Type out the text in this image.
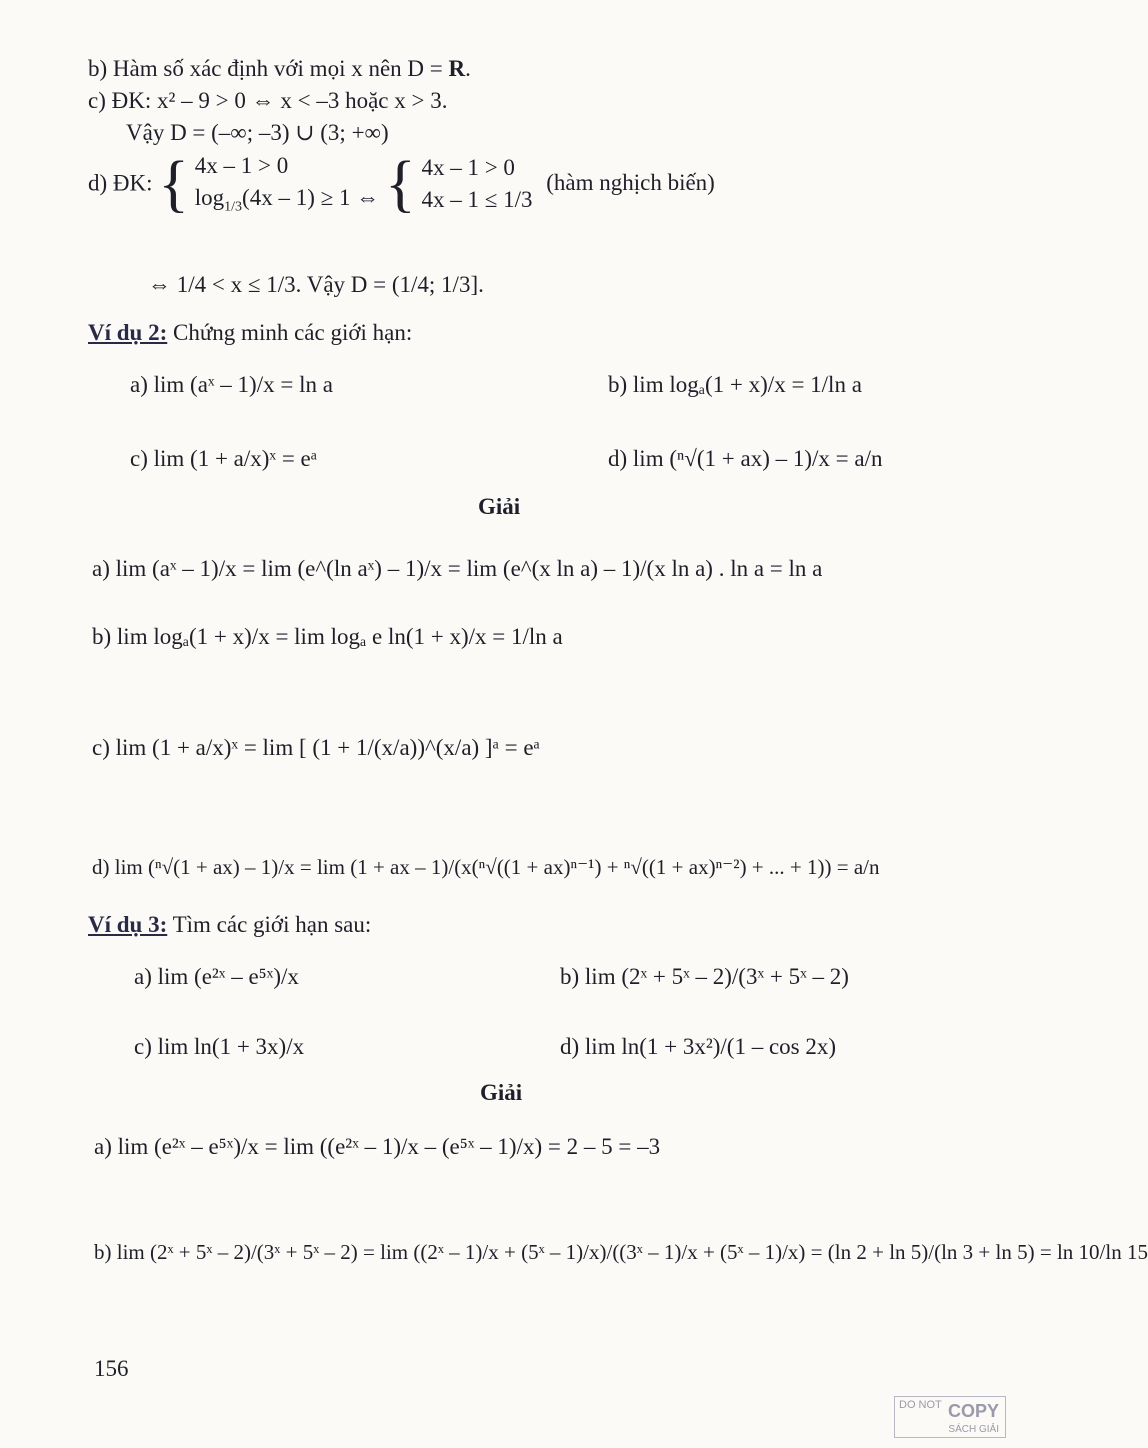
b) Hàm số xác định với mọi x nên D = R.
c) ĐK: x² – 9 > 0 ⇔ x < –3 hoặc x > 3.
Vậy D = (–∞; –3) ∪ (3; +∞)
d) ĐK: { 4x – 1 > 0
$\log_{1/3}(4x - 1) \ge 1$ ⇔ { 4x – 1 > 0
4x – 1 ≤ 1/3
(hàm nghịch biến)
⇔ 1/4 < x ≤ 1/3. Vậy D = (1/4; 1/3].
Ví dụ 2: Chứng minh các giới hạn:
a) lim (aˣ – 1)/x = ln a	b) lim logₐ(1 + x)/x = 1/ln a
c) lim (1 + a/x)ˣ = eᵃ	d) lim (ⁿ√(1 + ax) – 1)/x = a/n
Giải
a) lim (aˣ – 1)/x = lim (e^(ln aˣ) – 1)/x = lim (e^(x ln a) – 1)/(x ln a) . ln a = ln a
b) lim logₐ(1 + x)/x = lim logₐ e ln(1 + x)/x = 1/ln a
c) lim (1 + a/x)ˣ = lim [ (1 + 1/(x/a))^(x/a) ]ᵃ = eᵃ
d) lim (ⁿ√(1 + ax) – 1)/x = lim (1 + ax – 1)/(x(ⁿ√((1 + ax)ⁿ⁻¹) + ⁿ√((1 + ax)ⁿ⁻²) + ... + 1)) = a/n
Ví dụ 3: Tìm các giới hạn sau:
a) lim (e²ˣ – e⁵ˣ)/x	b) lim (2ˣ + 5ˣ – 2)/(3ˣ + 5ˣ – 2)
c) lim ln(1 + 3x)/x	d) lim ln(1 + 3x²)/(1 – cos 2x)
Giải
a) lim (e²ˣ – e⁵ˣ)/x = lim ((e²ˣ – 1)/x – (e⁵ˣ – 1)/x) = 2 – 5 = –3
b) lim (2ˣ + 5ˣ – 2)/(3ˣ + 5ˣ – 2) = lim ((2ˣ – 1)/x + (5ˣ – 1)/x)/((3ˣ – 1)/x + (5ˣ – 1)/x) = (ln 2 + ln 5)/(ln 3 + ln 5) = ln 10/ln 15
156
DO NOT COPY
SÁCH GIẢI
